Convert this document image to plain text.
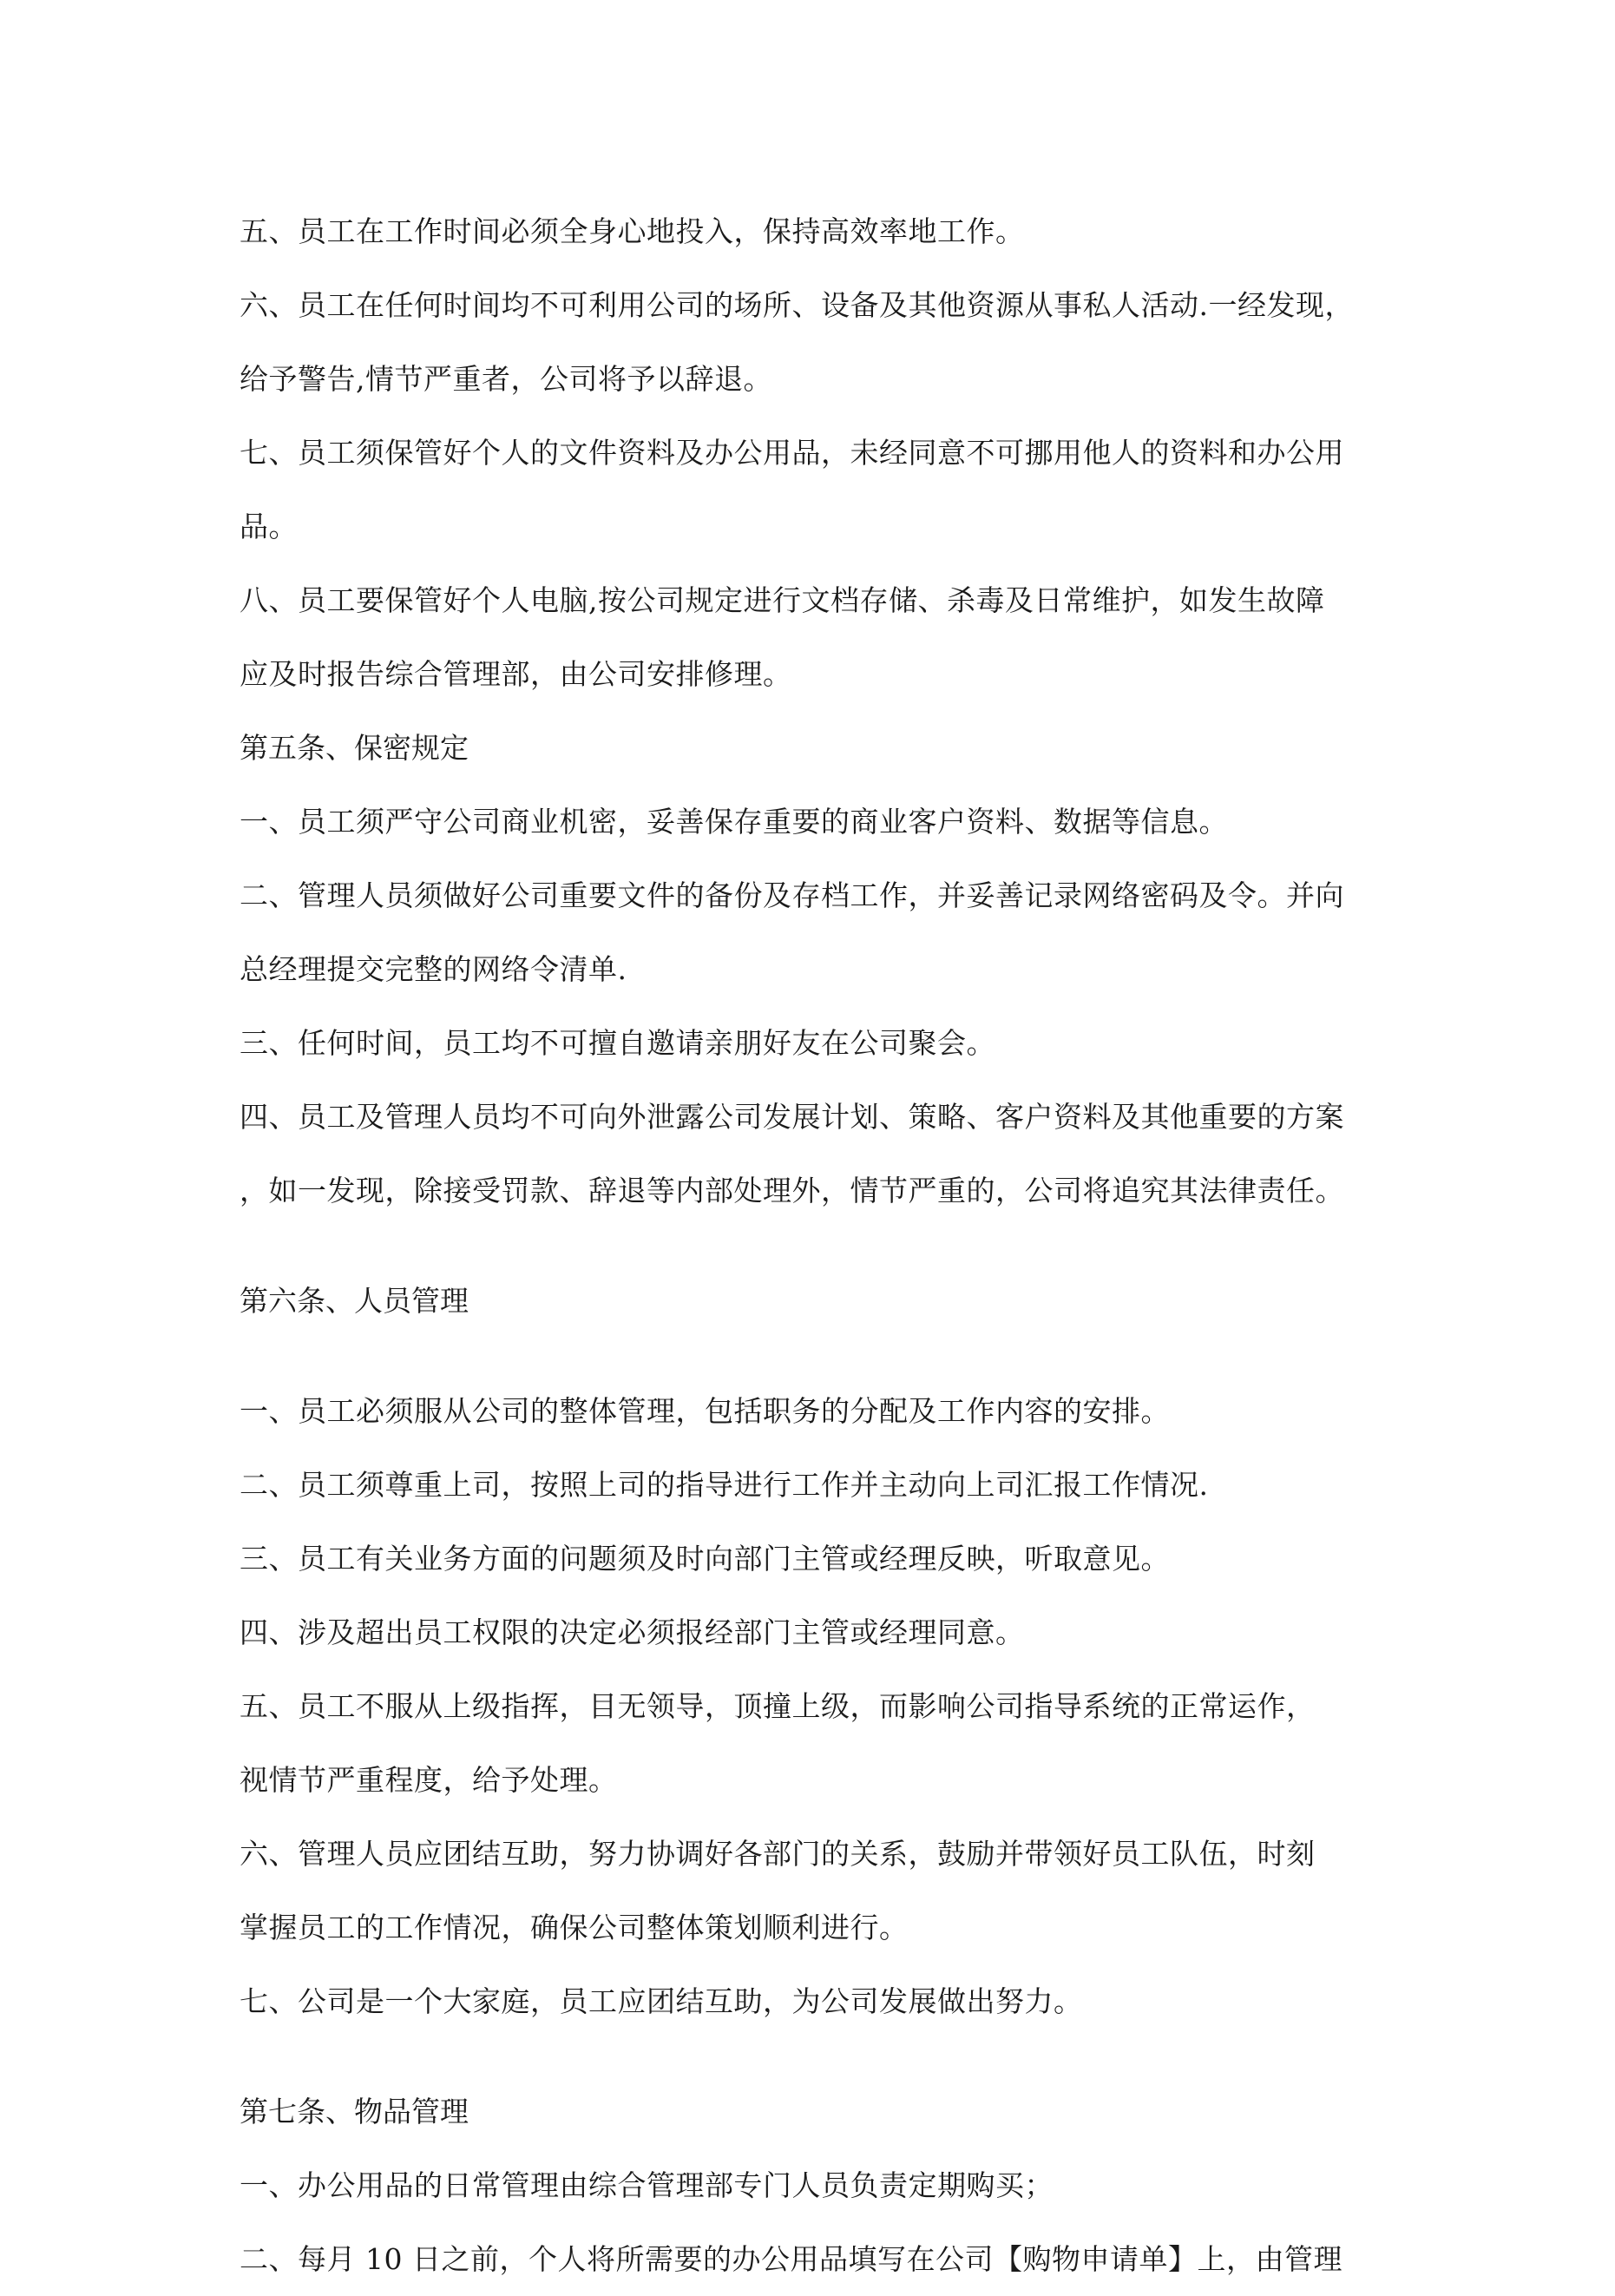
五、员工在工作时间必须全身心地投入，保持高效率地工作。

六、员工在任何时间均不可利用公司的场所、设备及其他资源从事私人活动.一经发现，
给予警告,情节严重者，公司将予以辞退。

七、员工须保管好个人的文件资料及办公用品，未经同意不可挪用他人的资料和办公用
品。

八、员工要保管好个人电脑,按公司规定进行文档存储、杀毒及日常维护，如发生故障
应及时报告综合管理部，由公司安排修理。

第五条、保密规定

一、员工须严守公司商业机密，妥善保存重要的商业客户资料、数据等信息。

二、管理人员须做好公司重要文件的备份及存档工作，并妥善记录网络密码及令。并向
总经理提交完整的网络令清单.

三、任何时间，员工均不可擅自邀请亲朋好友在公司聚会。

四、员工及管理人员均不可向外泄露公司发展计划、策略、客户资料及其他重要的方案
，如一发现，除接受罚款、辞退等内部处理外，情节严重的，公司将追究其法律责任。

第六条、人员管理

一、员工必须服从公司的整体管理，包括职务的分配及工作内容的安排。

二、员工须尊重上司，按照上司的指导进行工作并主动向上司汇报工作情况.

三、员工有关业务方面的问题须及时向部门主管或经理反映，听取意见。

四、涉及超出员工权限的决定必须报经部门主管或经理同意。

五、员工不服从上级指挥，目无领导，顶撞上级，而影响公司指导系统的正常运作，
视情节严重程度，给予处理。

六、管理人员应团结互助，努力协调好各部门的关系，鼓励并带领好员工队伍，时刻
掌握员工的工作情况，确保公司整体策划顺利进行。

七、公司是一个大家庭，员工应团结互助，为公司发展做出努力。

第七条、物品管理

一、办公用品的日常管理由综合管理部专门人员负责定期购买；

二、每月 10 日之前，个人将所需要的办公用品填写在公司【购物申请单】上，由管理
